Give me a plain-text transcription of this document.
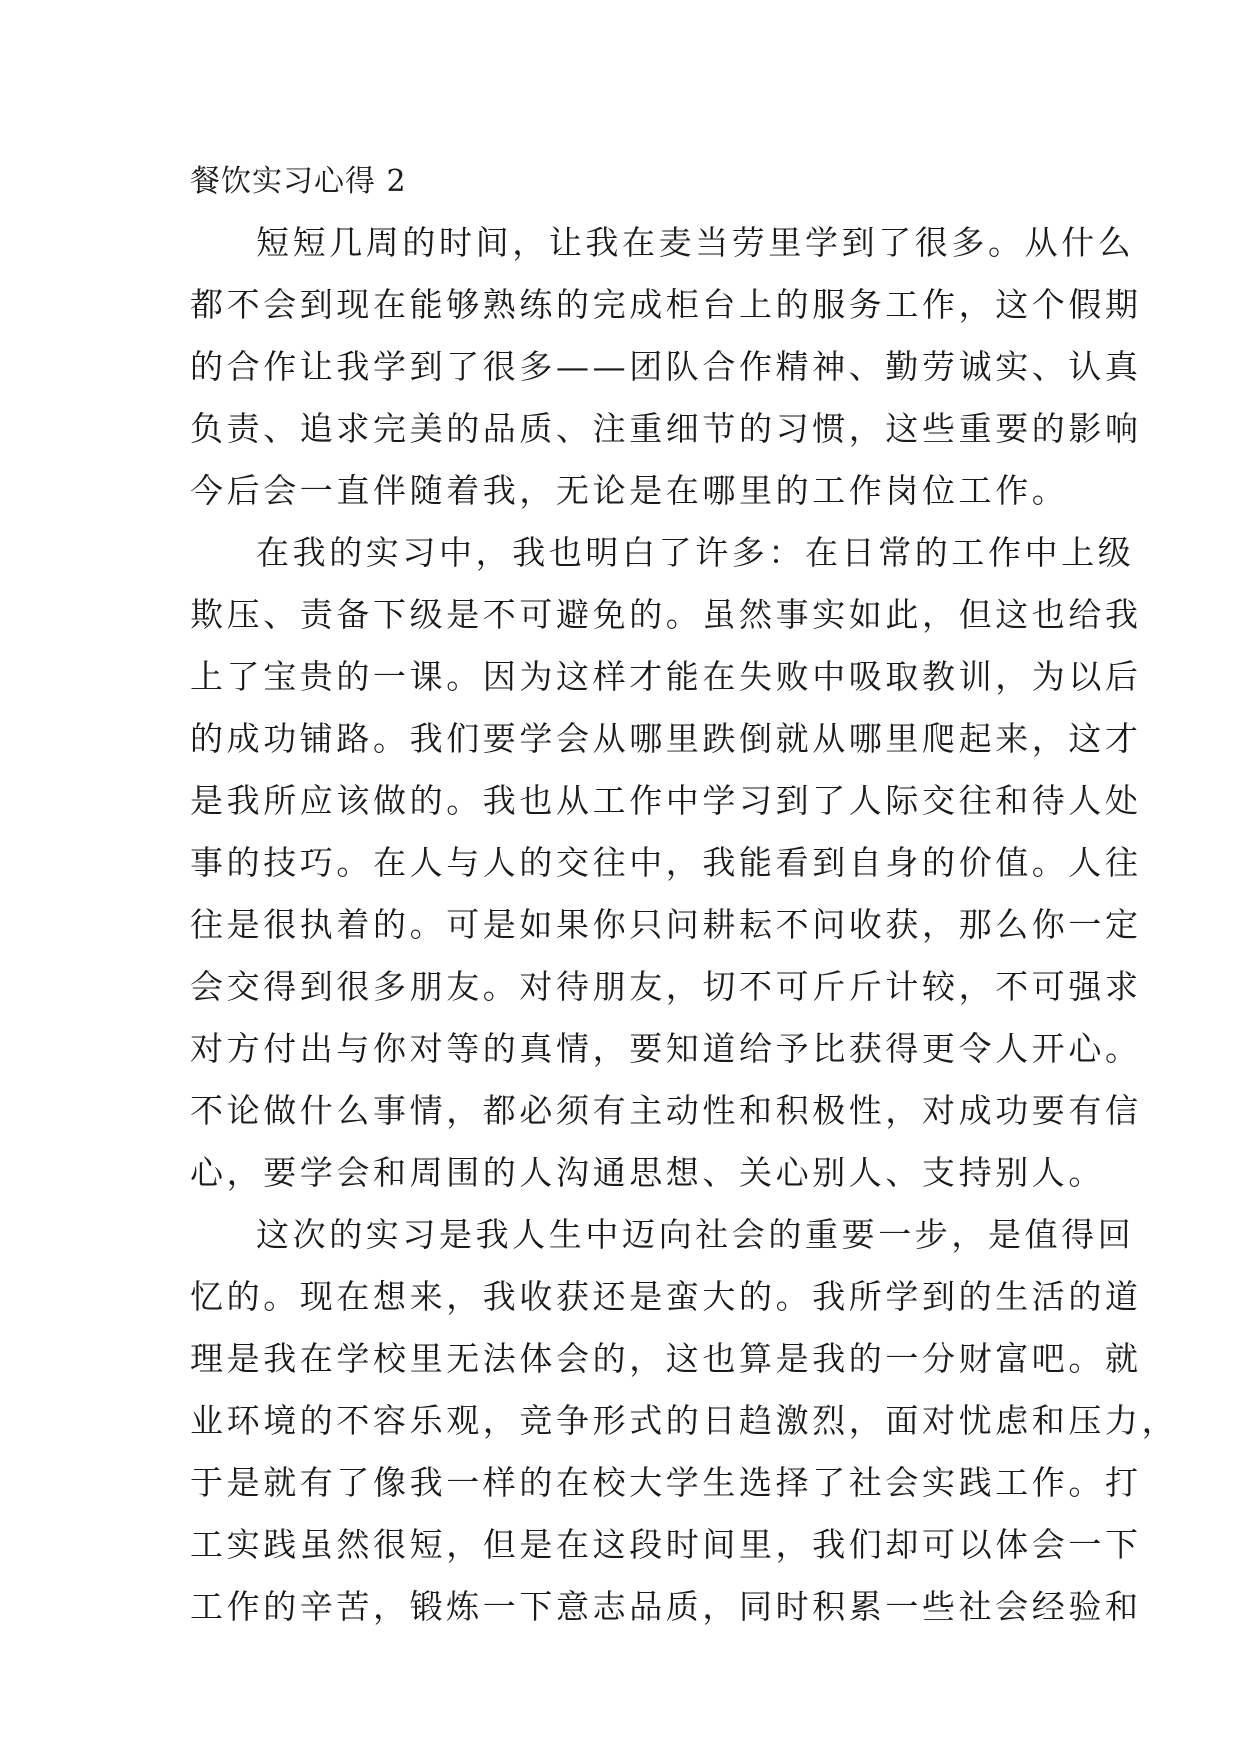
餐饮实习心得 2
短短几周的时间，让我在麦当劳里学到了很多。从什么
都不会到现在能够熟练的完成柜台上的服务工作，这个假期
的合作让我学到了很多——团队合作精神、勤劳诚实、认真
负责、追求完美的品质、注重细节的习惯，这些重要的影响
今后会一直伴随着我，无论是在哪里的工作岗位工作。
在我的实习中，我也明白了许多：在日常的工作中上级
欺压、责备下级是不可避免的。虽然事实如此，但这也给我
上了宝贵的一课。因为这样才能在失败中吸取教训，为以后
的成功铺路。我们要学会从哪里跌倒就从哪里爬起来，这才
是我所应该做的。我也从工作中学习到了人际交往和待人处
事的技巧。在人与人的交往中，我能看到自身的价值。人往
往是很执着的。可是如果你只问耕耘不问收获，那么你一定
会交得到很多朋友。对待朋友，切不可斤斤计较，不可强求
对方付出与你对等的真情，要知道给予比获得更令人开心。
不论做什么事情，都必须有主动性和积极性，对成功要有信
心，要学会和周围的人沟通思想、关心别人、支持别人。
这次的实习是我人生中迈向社会的重要一步，是值得回
忆的。现在想来，我收获还是蛮大的。我所学到的生活的道
理是我在学校里无法体会的，这也算是我的一分财富吧。就
业环境的不容乐观，竞争形式的日趋激烈，面对忧虑和压力，
于是就有了像我一样的在校大学生选择了社会实践工作。打
工实践虽然很短，但是在这段时间里，我们却可以体会一下
工作的辛苦，锻炼一下意志品质，同时积累一些社会经验和
